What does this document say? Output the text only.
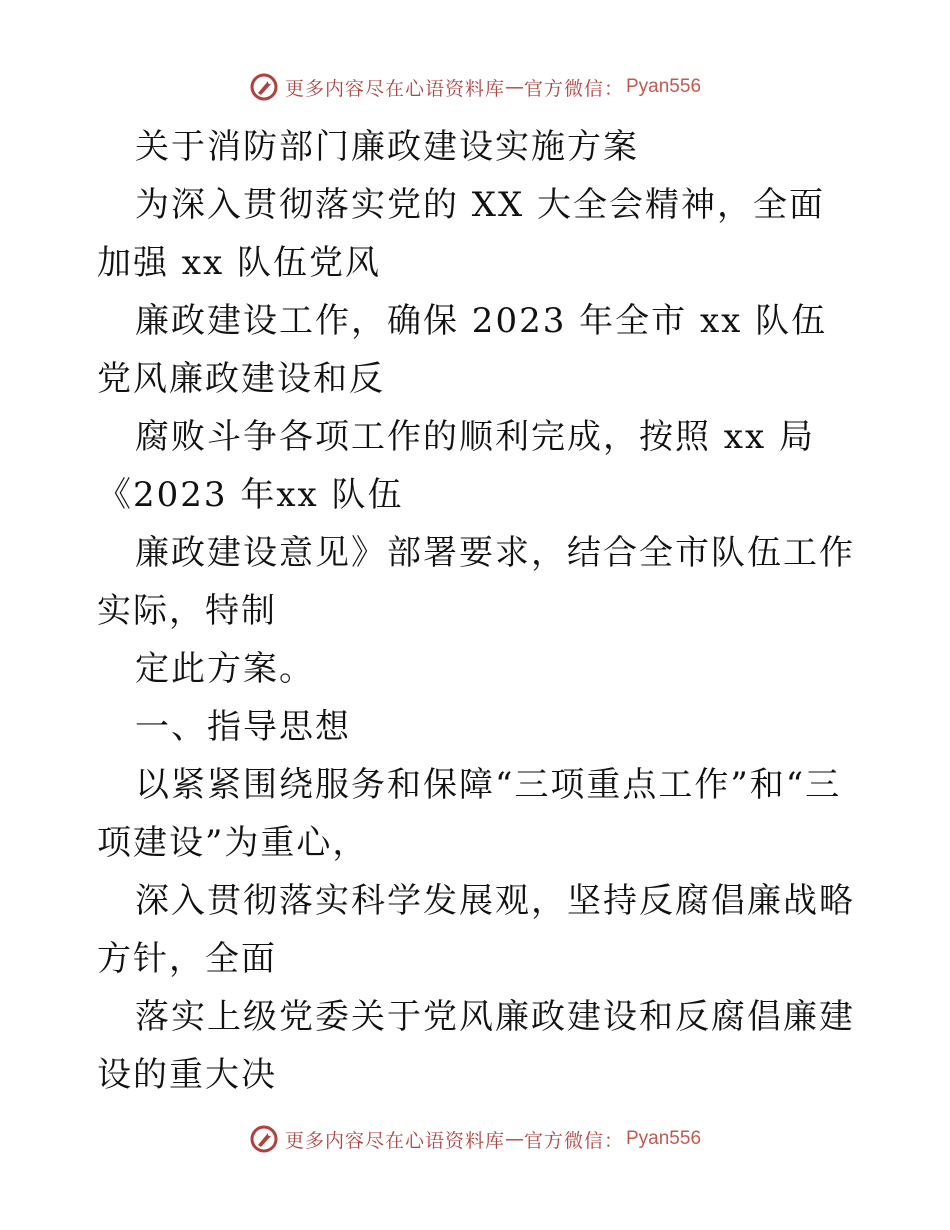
更多内容尽在心语资料库 — 官方微信： Pyan556

关于消防部门廉政建设实施方案

为深入贯彻落实党的 XX 大全会精神，全面加强 xx 队伍党风

廉政建设工作，确保 2023 年全市 xx 队伍党风廉政建设和反

腐败斗争各项工作的顺利完成，按照 xx 局《2023 年xx 队伍

廉政建设意见》部署要求，结合全市队伍工作实际，特制

定此方案。

一、指导思想

以紧紧围绕服务和保障“三项重点工作”和“三项建设”为重心，

深入贯彻落实科学发展观，坚持反腐倡廉战略方针，全面

落实上级党委关于党风廉政建设和反腐倡廉建设的重大决

更多内容尽在心语资料库 — 官方微信： Pyan556
